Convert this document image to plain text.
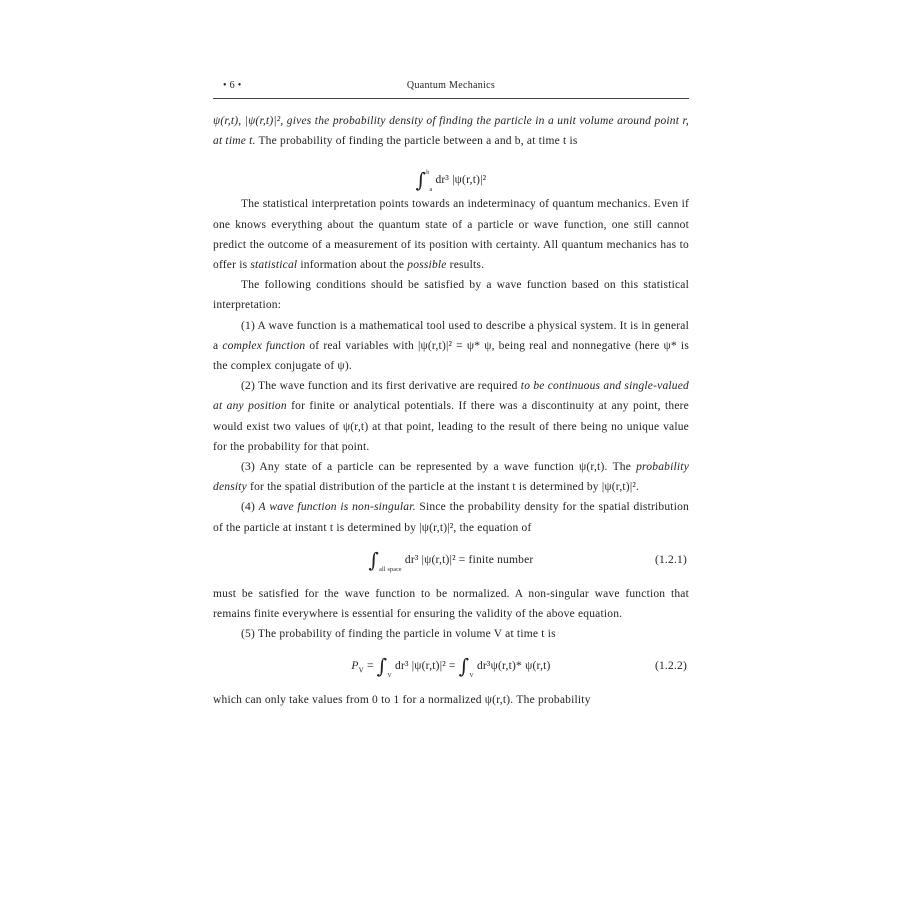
• 6 •	Quantum Mechanics

ψ(r,t), |ψ(r,t)|², gives the probability density of finding the particle in a unit volume around point r, at time t. The probability of finding the particle between a and b, at time t is

∫$^b_a$ dr³ |ψ(r,t)|²

The statistical interpretation points towards an indeterminacy of quantum mechanics. Even if one knows everything about the quantum state of a particle or wave function, one still cannot predict the outcome of a measurement of its position with certainty. All quantum mechanics has to offer is statistical information about the possible results.

The following conditions should be satisfied by a wave function based on this statistical interpretation:

(1) A wave function is a mathematical tool used to describe a physical system. It is in general a complex function of real variables with |ψ(r,t)|² = ψ* ψ, being real and nonnegative (here ψ* is the complex conjugate of ψ).

(2) The wave function and its first derivative are required to be continuous and single-valued at any position for finite or analytical potentials. If there was a discontinuity at any point, there would exist two values of ψ(r,t) at that point, leading to the result of there being no unique value for the probability for that point.

(3) Any state of a particle can be represented by a wave function ψ(r,t). The probability density for the spatial distribution of the particle at the instant t is determined by |ψ(r,t)|².

(4) A wave function is non-singular. Since the probability density for the spatial distribution of the particle at instant t is determined by |ψ(r,t)|², the equation of

$\int_{all space}$ dr³ |ψ(r,t)|² = finite number	(1.2.1)

must be satisfied for the wave function to be normalized. A non-singular wave function that remains finite everywhere is essential for ensuring the validity of the above equation.

(5) The probability of finding the particle in volume V at time t is

$P_V = \int_V$ dr³ $|\psi(r,t)|^2 = \int_V$ dr³ψ(r,t)* ψ(r,t)	(1.2.2)

which can only take values from 0 to 1 for a normalized ψ(r,t). The probability
